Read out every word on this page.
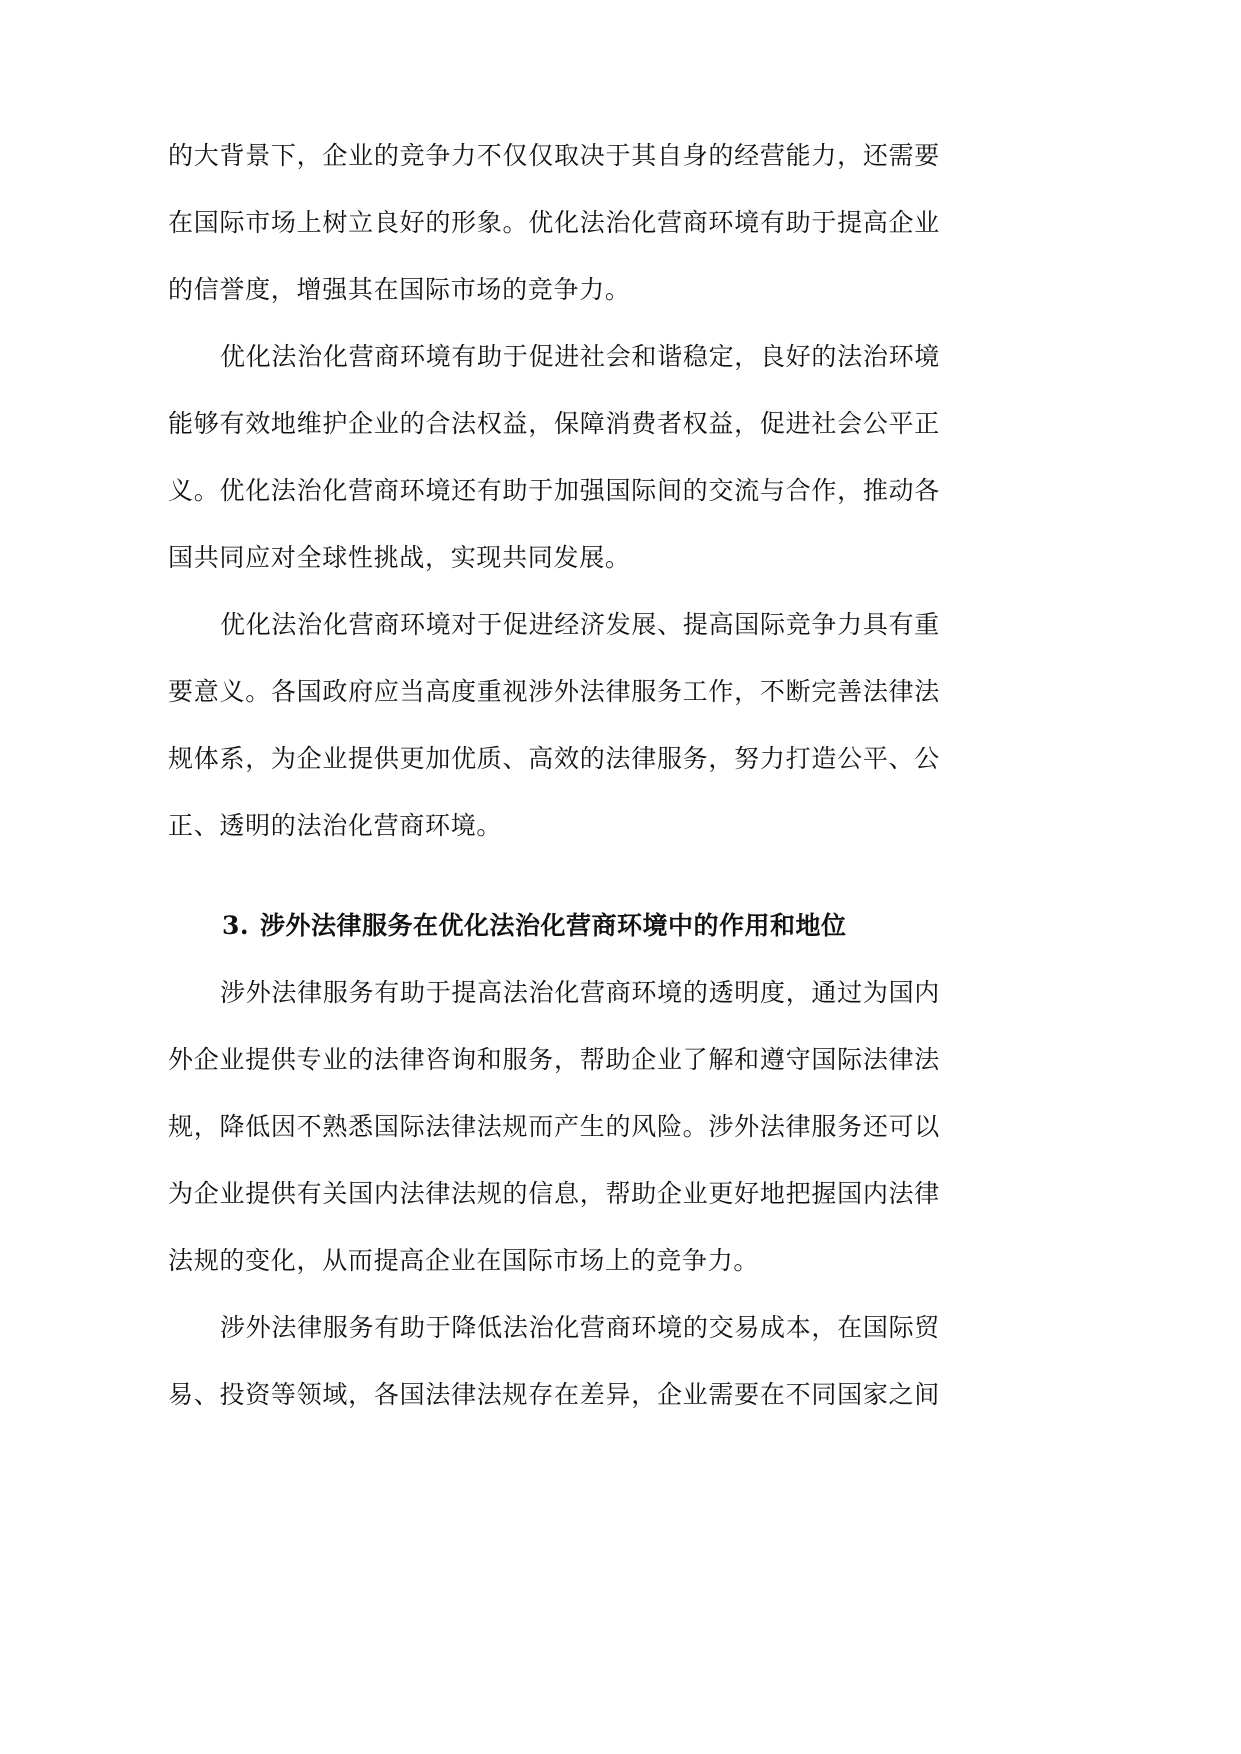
的大背景下，企业的竞争力不仅仅取决于其自身的经营能力，还需要
在国际市场上树立良好的形象。优化法治化营商环境有助于提高企业
的信誉度，增强其在国际市场的竞争力。
优化法治化营商环境有助于促进社会和谐稳定，良好的法治环境
能够有效地维护企业的合法权益，保障消费者权益，促进社会公平正
义。优化法治化营商环境还有助于加强国际间的交流与合作，推动各
国共同应对全球性挑战，实现共同发展。
优化法治化营商环境对于促进经济发展、提高国际竞争力具有重
要意义。各国政府应当高度重视涉外法律服务工作，不断完善法律法
规体系，为企业提供更加优质、高效的法律服务，努力打造公平、公
正、透明的法治化营商环境。
3. 涉外法律服务在优化法治化营商环境中的作用和地位
涉外法律服务有助于提高法治化营商环境的透明度，通过为国内
外企业提供专业的法律咨询和服务，帮助企业了解和遵守国际法律法
规，降低因不熟悉国际法律法规而产生的风险。涉外法律服务还可以
为企业提供有关国内法律法规的信息，帮助企业更好地把握国内法律
法规的变化，从而提高企业在国际市场上的竞争力。
涉外法律服务有助于降低法治化营商环境的交易成本，在国际贸
易、投资等领域，各国法律法规存在差异，企业需要在不同国家之间
